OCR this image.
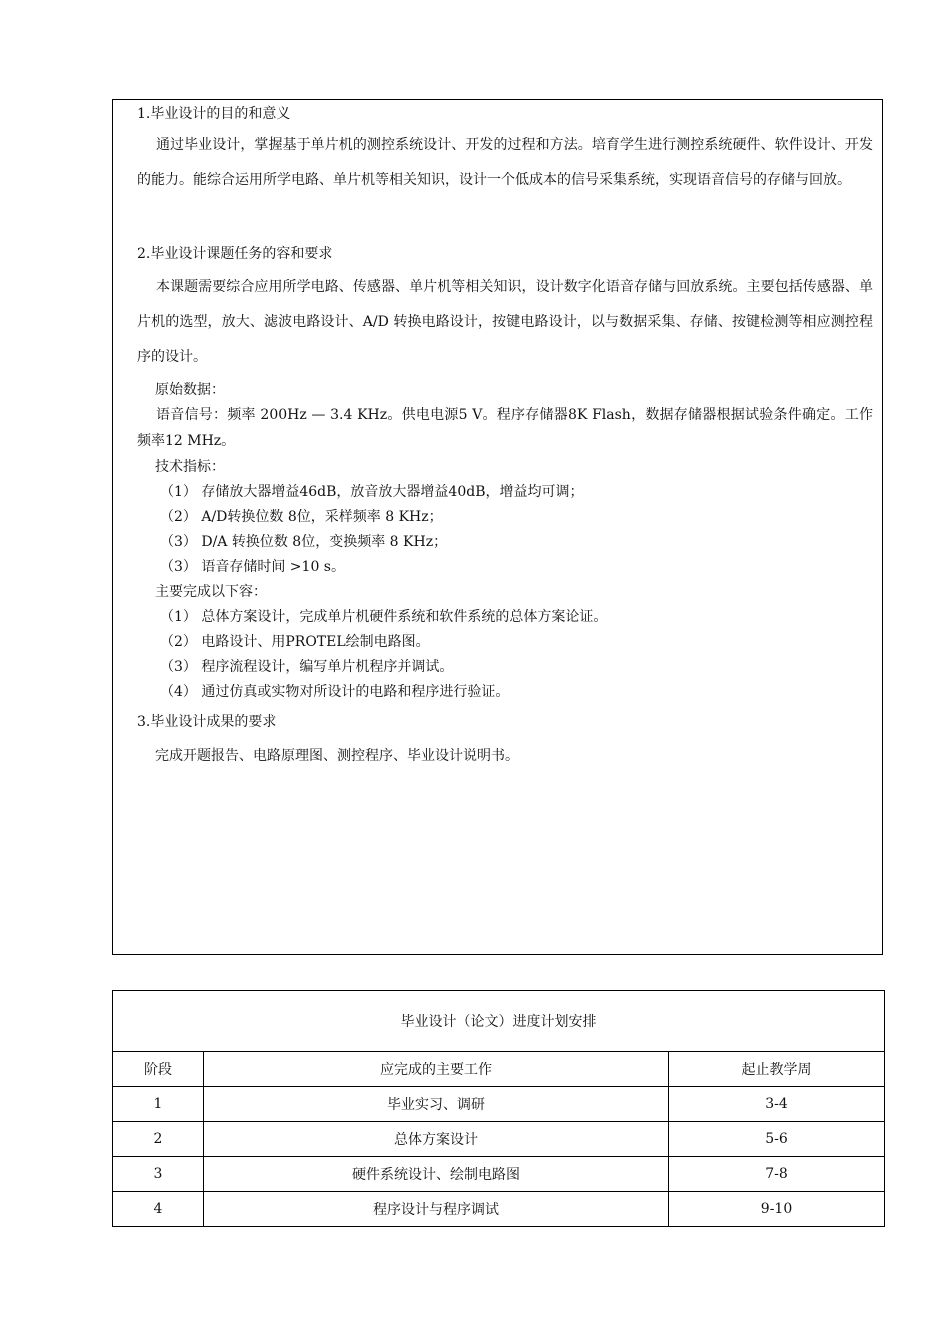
1.毕业设计的目的和意义
通过毕业设计，掌握基于单片机的测控系统设计、开发的过程和方法。培育学生进行测控系统硬件、软件设计、开发的能力。能综合运用所学电路、单片机等相关知识，设计一个低成本的信号采集系统，实现语音信号的存储与回放。
2.毕业设计课题任务的容和要求
本课题需要综合应用所学电路、传感器、单片机等相关知识，设计数字化语音存储与回放系统。主要包括传感器、单片机的选型，放大、滤波电路设计、A/D 转换电路设计，按键电路设计，以与数据采集、存储、按键检测等相应测控程序的设计。
原始数据：
语音信号：频率 200Hz — 3.4 KHz。供电电源5 V。程序存储器8K Flash，数据存储器根据试验条件确定。工作频率12 MHz。
技术指标：
（1） 存储放大器增益46dB，放音放大器增益40dB，增益均可调；
（2） A/D转换位数 8位，采样频率 8 KHz；
（3） D/A 转换位数 8位，变换频率 8 KHz；
（3） 语音存储时间 >10 s。
主要完成以下容：
（1） 总体方案设计，完成单片机硬件系统和软件系统的总体方案论证。
（2） 电路设计、用PROTEL绘制电路图。
（3） 程序流程设计，编写单片机程序并调试。
（4） 通过仿真或实物对所设计的电路和程序进行验证。
3.毕业设计成果的要求
完成开题报告、电路原理图、测控程序、毕业设计说明书。
毕业设计（论文）进度计划安排		
阶段	应完成的主要工作	起止教学周
1	毕业实习、调研	3-4
2	总体方案设计	5-6
3	硬件系统设计、绘制电路图	7-8
4	程序设计与程序调试	9-10
